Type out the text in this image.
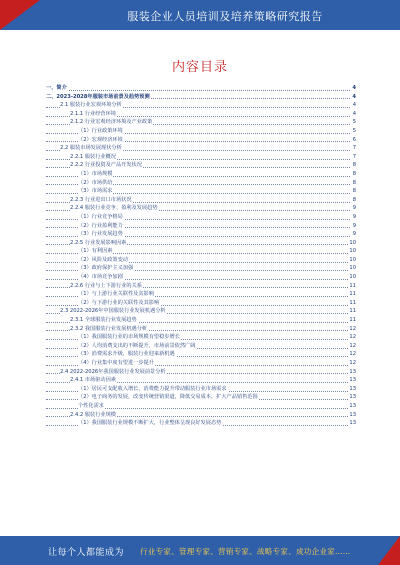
服装企业人员培训及培养策略研究报告
内容目录
一、简介	4
二、2023-2028年服装市场前景及趋势预测	4
2.1 服装行业宏观环境分析	4
2.1.1 行业经营环境	4
2.1.2 行业宏观经济环境及产业政策	5
（1）行业政策环境	5
（2）宏观经济环境	6
2.2 服装市场发展现状分析	7
2.2.1 服装行业概况	7
2.2.2 行业投资及产品开发状况	8
（1）市场规模	8
（2）市场供给	8
（3）市场需求	8
2.2.3 行业进出口市场状况	8
2.2.4 服装行业竞争、盈利及发展趋势	9
（1）行业竞争格局	9
（2）行业盈利能力	9
（3）行业发展趋势	9
2.2.5 行业发展影响因素	10
（1）有利因素	10
（2）风险及政策变动	10
（3）政府保护主义加强	10
（4）市场竞争加剧	10
2.2.6 行业与上下游行业的关系	11
（1）与上游行业关联性及其影响	11
（2）与下游行业的关联性及其影响	11
2.3 2022-2026年中国服装行业发展机遇分析	11
2.3.1 全球服装行业发展趋势	11
2.3.2 我国服装行业发展机遇分析	12
（1）我国服装行业的市场规模有望稳步增长	12
（2）人均消费支出的不断提升，市场前景依然广阔	12
（3）消费需求升级，服装行业迎来新机遇	12
（4）行业集中度有望进一步提升	12
2.4 2022-2026年我国服装行业发展前景分析	13
2.4.1 市场驱动因素	13
（1）居民可支配收入增长，消费能力提升带动服装行业市场需求	13
（2）电子商务的发展，改变传统营销渠道，降低交易成本，扩大产品销售范围	13
个性化需求	13
2.4.2 服装行业规模	13
（1）我国服装行业规模不断扩大，行业整体呈现良好发展态势	13
让每个人都能成为 行业专家、管理专家、营销专家、战略专家、成功企业家……
